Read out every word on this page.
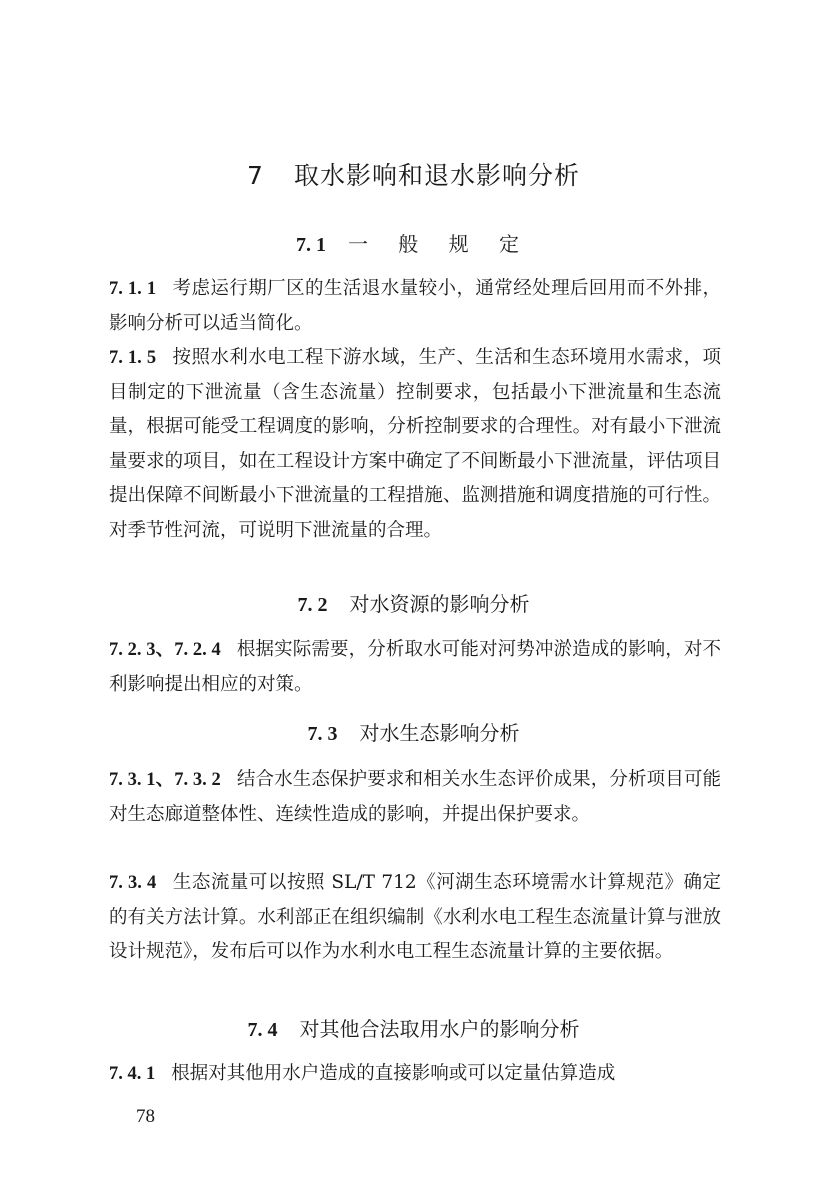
7 取水影响和退水影响分析
7. 1 一 般 规 定
7. 1. 1 考虑运行期厂区的生活退水量较小，通常经处理后回用而不外排，影响分析可以适当简化。
7. 1. 5 按照水利水电工程下游水域，生产、生活和生态环境用水需求，项目制定的下泄流量（含生态流量）控制要求，包括最小下泄流量和生态流量，根据可能受工程调度的影响，分析控制要求的合理性。对有最小下泄流量要求的项目，如在工程设计方案中确定了不间断最小下泄流量，评估项目提出保障不间断最小下泄流量的工程措施、监测措施和调度措施的可行性。对季节性河流，可说明下泄流量的合理。
7. 2 对水资源的影响分析
7. 2. 3、7. 2. 4 根据实际需要，分析取水可能对河势冲淤造成的影响，对不利影响提出相应的对策。
7. 3 对水生态影响分析
7. 3. 1、7. 3. 2 结合水生态保护要求和相关水生态评价成果，分析项目可能对生态廊道整体性、连续性造成的影响，并提出保护要求。
7. 3. 4 生态流量可以按照 SL/T 712《河湖生态环境需水计算规范》确定的有关方法计算。水利部正在组织编制《水利水电工程生态流量计算与泄放设计规范》，发布后可以作为水利水电工程生态流量计算的主要依据。
7. 4 对其他合法取用水户的影响分析
7. 4. 1 根据对其他用水户造成的直接影响或可以定量估算造成
78
